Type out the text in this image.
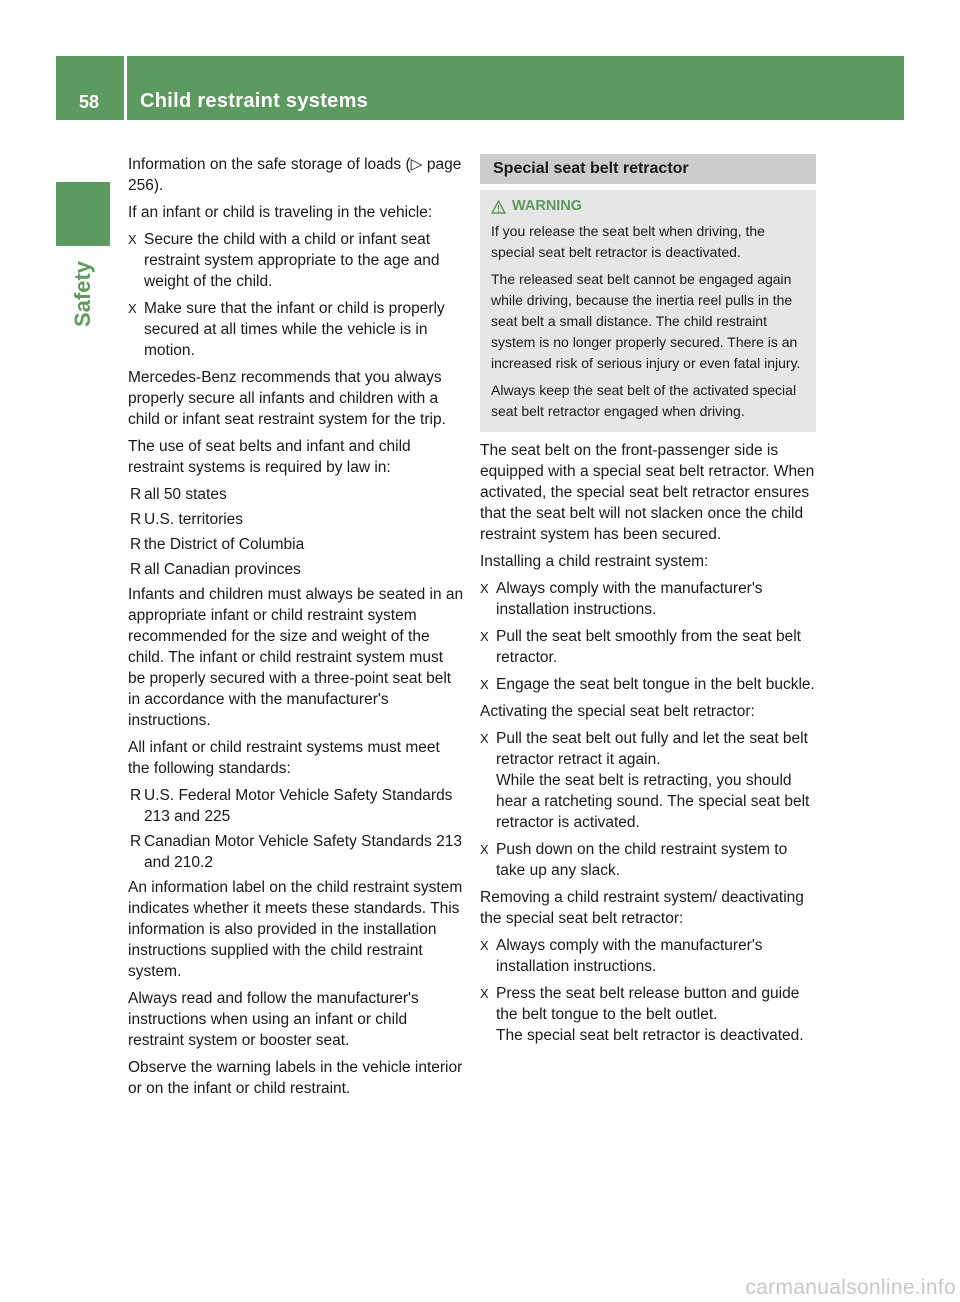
58	Child restraint systems
Safety

Information on the safe storage of loads (▷ page 256).

If an infant or child is traveling in the vehicle:

X Secure the child with a child or infant seat restraint system appropriate to the age and weight of the child.
X Make sure that the infant or child is properly secured at all times while the vehicle is in motion.

Mercedes-Benz recommends that you always properly secure all infants and children with a child or infant seat restraint system for the trip.

The use of seat belts and infant and child restraint systems is required by law in:

R all 50 states
R U.S. territories
R the District of Columbia
R all Canadian provinces

Infants and children must always be seated in an appropriate infant or child restraint system recommended for the size and weight of the child. The infant or child restraint system must be properly secured with a three-point seat belt in accordance with the manufacturer's instructions.

All infant or child restraint systems must meet the following standards:

R U.S. Federal Motor Vehicle Safety Standards 213 and 225
R Canadian Motor Vehicle Safety Standards 213 and 210.2

An information label on the child restraint system indicates whether it meets these standards. This information is also provided in the installation instructions supplied with the child restraint system.

Always read and follow the manufacturer's instructions when using an infant or child restraint system or booster seat.

Observe the warning labels in the vehicle interior or on the infant or child restraint.

Special seat belt retractor
WARNING

If you release the seat belt when driving, the special seat belt retractor is deactivated.

The released seat belt cannot be engaged again while driving, because the inertia reel pulls in the seat belt a small distance. The child restraint system is no longer properly secured. There is an increased risk of serious injury or even fatal injury.

Always keep the seat belt of the activated special seat belt retractor engaged when driving.

The seat belt on the front-passenger side is equipped with a special seat belt retractor. When activated, the special seat belt retractor ensures that the seat belt will not slacken once the child restraint system has been secured.

Installing a child restraint system:

X Always comply with the manufacturer's installation instructions.
X Pull the seat belt smoothly from the seat belt retractor.
X Engage the seat belt tongue in the belt buckle.

Activating the special seat belt retractor:

X Pull the seat belt out fully and let the seat belt retractor retract it again.
While the seat belt is retracting, you should hear a ratcheting sound. The special seat belt retractor is activated.
X Push down on the child restraint system to take up any slack.

Removing a child restraint system/ deactivating the special seat belt retractor:

X Always comply with the manufacturer's installation instructions.
X Press the seat belt release button and guide the belt tongue to the belt outlet.
The special seat belt retractor is deactivated.
carmanualsonline.info
